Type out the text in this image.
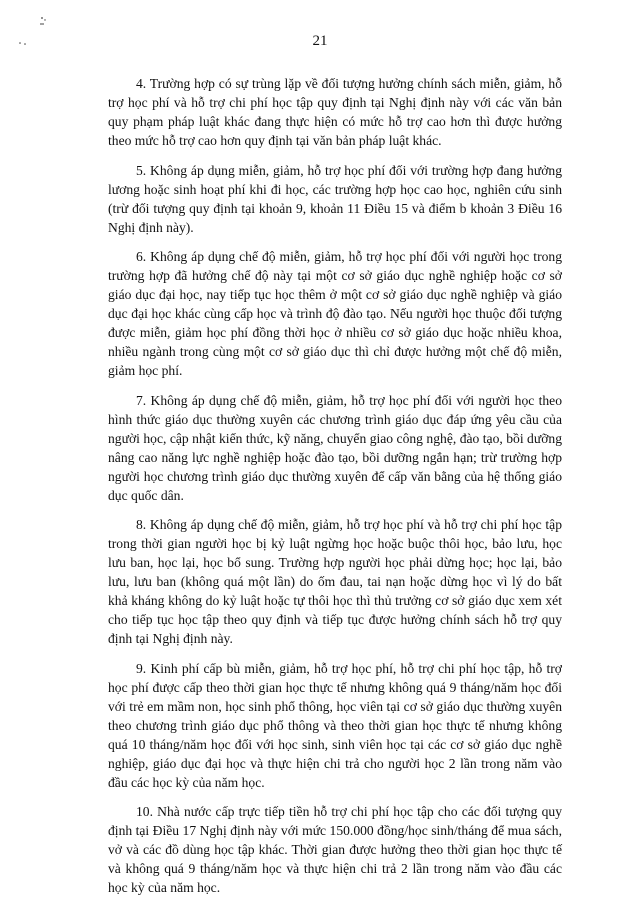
21

4. Trường hợp có sự trùng lặp về đối tượng hưởng chính sách miễn, giảm, hỗ trợ học phí và hỗ trợ chi phí học tập quy định tại Nghị định này với các văn bản quy phạm pháp luật khác đang thực hiện có mức hỗ trợ cao hơn thì được hưởng theo mức hỗ trợ cao hơn quy định tại văn bản pháp luật khác.

5. Không áp dụng miễn, giảm, hỗ trợ học phí đối với trường hợp đang hưởng lương hoặc sinh hoạt phí khi đi học, các trường hợp học cao học, nghiên cứu sinh (trừ đối tượng quy định tại khoản 9, khoản 11 Điều 15 và điểm b khoản 3 Điều 16 Nghị định này).

6. Không áp dụng chế độ miễn, giảm, hỗ trợ học phí đối với người học trong trường hợp đã hưởng chế độ này tại một cơ sở giáo dục nghề nghiệp hoặc cơ sở giáo dục đại học, nay tiếp tục học thêm ở một cơ sở giáo dục nghề nghiệp và giáo dục đại học khác cùng cấp học và trình độ đào tạo. Nếu người học thuộc đối tượng được miễn, giảm học phí đồng thời học ở nhiều cơ sở giáo dục hoặc nhiều khoa, nhiều ngành trong cùng một cơ sở giáo dục thì chỉ được hưởng một chế độ miễn, giảm học phí.

7. Không áp dụng chế độ miễn, giảm, hỗ trợ học phí đối với người học theo hình thức giáo dục thường xuyên các chương trình giáo dục đáp ứng yêu cầu của người học, cập nhật kiến thức, kỹ năng, chuyển giao công nghệ, đào tạo, bồi dưỡng nâng cao năng lực nghề nghiệp hoặc đào tạo, bồi dưỡng ngắn hạn; trừ trường hợp người học chương trình giáo dục thường xuyên để cấp văn bằng của hệ thống giáo dục quốc dân.

8. Không áp dụng chế độ miễn, giảm, hỗ trợ học phí và hỗ trợ chi phí học tập trong thời gian người học bị kỷ luật ngừng học hoặc buộc thôi học, bảo lưu, học lưu ban, học lại, học bổ sung. Trường hợp người học phải dừng học; học lại, bảo lưu, lưu ban (không quá một lần) do ốm đau, tai nạn hoặc dừng học vì lý do bất khả kháng không do kỷ luật hoặc tự thôi học thì thủ trưởng cơ sở giáo dục xem xét cho tiếp tục học tập theo quy định và tiếp tục được hưởng chính sách hỗ trợ quy định tại Nghị định này.

9. Kinh phí cấp bù miễn, giảm, hỗ trợ học phí, hỗ trợ chi phí học tập, hỗ trợ học phí được cấp theo thời gian học thực tế nhưng không quá 9 tháng/năm học đối với trẻ em mầm non, học sinh phổ thông, học viên tại cơ sở giáo dục thường xuyên theo chương trình giáo dục phổ thông và theo thời gian học thực tế nhưng không quá 10 tháng/năm học đối với học sinh, sinh viên học tại các cơ sở giáo dục nghề nghiệp, giáo dục đại học và thực hiện chi trả cho người học 2 lần trong năm vào đầu các học kỳ của năm học.

10. Nhà nước cấp trực tiếp tiền hỗ trợ chi phí học tập cho các đối tượng quy định tại Điều 17 Nghị định này với mức 150.000 đồng/học sinh/tháng để mua sách, vở và các đồ dùng học tập khác. Thời gian được hưởng theo thời gian học thực tế và không quá 9 tháng/năm học và thực hiện chi trả 2 lần trong năm vào đầu các học kỳ của năm học.
